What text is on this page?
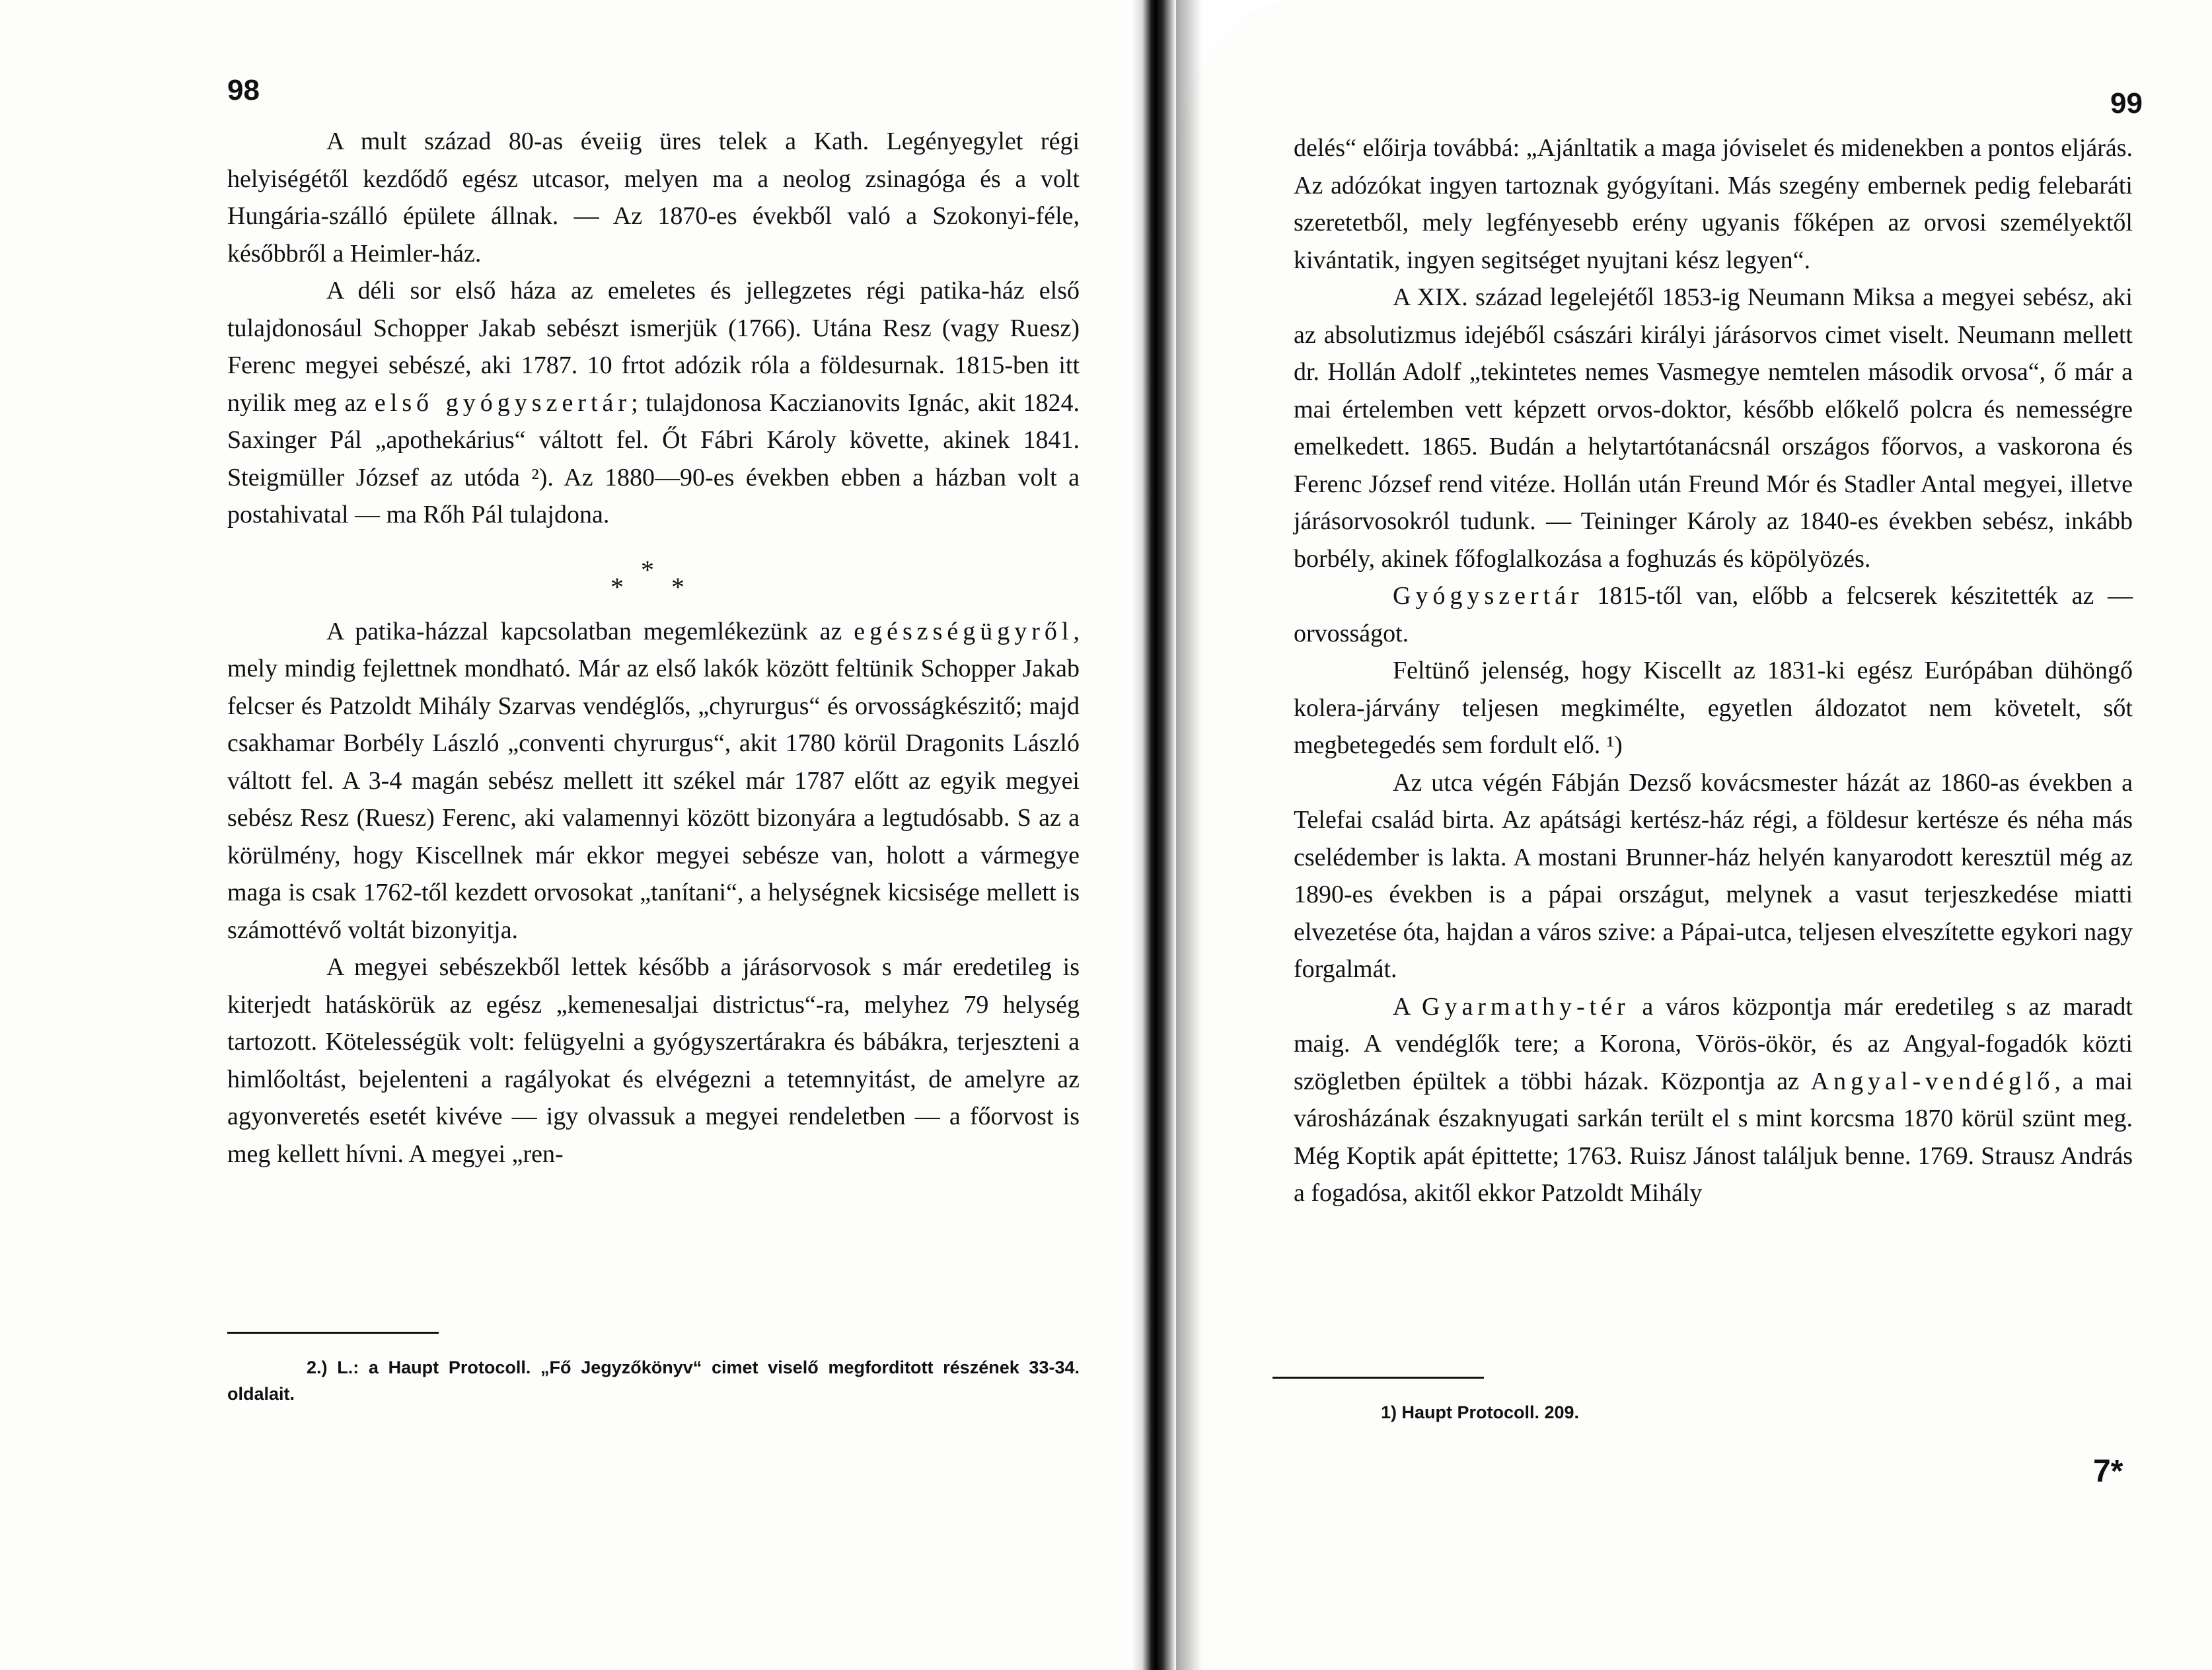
98

A mult század 80-as éveiig üres telek a Kath. Legényegylet régi helyiségétől kezdődő egész utcasor, melyen ma a neolog zsinagóga és a volt Hungária-szálló épülete állnak. — Az 1870-es évekből való a Szokonyi-féle, későbbről a Heimler-ház.

A déli sor első háza az emeletes és jellegzetes régi patika-ház első tulajdonosául Schopper Jakab sebészt ismerjük (1766). Utána Resz (vagy Ruesz) Ferenc megyei sebészé, aki 1787. 10 frtot adózik róla a földesurnak. 1815-ben itt nyilik meg az első gyógyszertár; tulajdonosa Kaczianovits Ignác, akit 1824. Saxinger Pál „apothekárius“ váltott fel. Őt Fábri Károly követte, akinek 1841. Steigmüller József az utóda ²). Az 1880—90-es években ebben a házban volt a postahivatal — ma Rőh Pál tulajdona.

*
*
*

A patika-házzal kapcsolatban megemlékezünk az egészségügyről, mely mindig fejlettnek mondható. Már az első lakók között feltünik Schopper Jakab felcser és Patzoldt Mihály Szarvas vendéglős, „chyrurgus“ és orvosságkészitő; majd csakhamar Borbély László „conventi chyrurgus“, akit 1780 körül Dragonits László váltott fel. A 3-4 magán sebész mellett itt székel már 1787 előtt az egyik megyei sebész Resz (Ruesz) Ferenc, aki valamennyi között bizonyára a legtudósabb. S az a körülmény, hogy Kiscellnek már ekkor megyei sebésze van, holott a vármegye maga is csak 1762-től kezdett orvosokat „tanítani“, a helységnek kicsisége mellett is számottévő voltát bizonyitja.

A megyei sebészekből lettek később a járásorvosok s már eredetileg is kiterjedt hatáskörük az egész „kemenesaljai districtus“-ra, melyhez 79 helység tartozott. Kötelességük volt: felügyelni a gyógyszertárakra és bábákra, terjeszteni a himlőoltást, bejelenteni a ragályokat és elvégezni a tetemnyitást, de amelyre az agyonveretés esetét kivéve — igy olvassuk a megyei rendeletben — a főorvost is meg kellett hívni. A megyei „ren-

2.) L.: a Haupt Protocoll. „Fő Jegyzőkönyv“ cimet viselő megforditott részének 33-34. oldalait.
99

delés“ előirja továbbá: „Ajánltatik a maga jóviselet és midenekben a pontos eljárás. Az adózókat ingyen tartoznak gyógyítani. Más szegény embernek pedig felebaráti szeretetből, mely legfényesebb erény ugyanis főképen az orvosi személyektől kivántatik, ingyen segitséget nyujtani kész legyen“.

A XIX. század legelejétől 1853-ig Neumann Miksa a megyei sebész, aki az absolutizmus idejéből császári királyi járásorvos cimet viselt. Neumann mellett dr. Hollán Adolf „tekintetes nemes Vasmegye nemtelen második orvosa“, ő már a mai értelemben vett képzett orvos-doktor, később előkelő polcra és nemességre emelkedett. 1865. Budán a helytartótanácsnál országos főorvos, a vaskorona és Ferenc József rend vitéze. Hollán után Freund Mór és Stadler Antal megyei, illetve járásorvosokról tudunk. — Teininger Károly az 1840-es években sebész, inkább borbély, akinek főfoglalkozása a foghuzás és köpölyözés.

Gyógyszertár 1815-től van, előbb a felcserek készitették az — orvosságot.

Feltünő jelenség, hogy Kiscellt az 1831-ki egész Európában dühöngő kolera-járvány teljesen megkimélte, egyetlen áldozatot nem követelt, sőt megbetegedés sem fordult elő. ¹)

Az utca végén Fábján Dezső kovácsmester házát az 1860-as években a Telefai család birta. Az apátsági kertész-ház régi, a földesur kertésze és néha más cselédember is lakta. A mostani Brunner-ház helyén kanyarodott keresztül még az 1890-es években is a pápai országut, melynek a vasut terjeszkedése miatti elvezetése óta, hajdan a város szive: a Pápai-utca, teljesen elveszítette egykori nagy forgalmát.

A Gyarmathy-tér a város központja már eredetileg s az maradt maig. A vendéglők tere; a Korona, Vörös-ökör, és az Angyal-fogadók közti szögletben épültek a többi házak. Központja az Angyal-vendéglő, a mai városházának északnyugati sarkán terült el s mint korcsma 1870 körül szünt meg. Még Koptik apát épittette; 1763. Ruisz Jánost találjuk benne. 1769. Strausz András a fogadósa, akitől ekkor Patzoldt Mihály

1) Haupt Protocoll. 209.
7*
